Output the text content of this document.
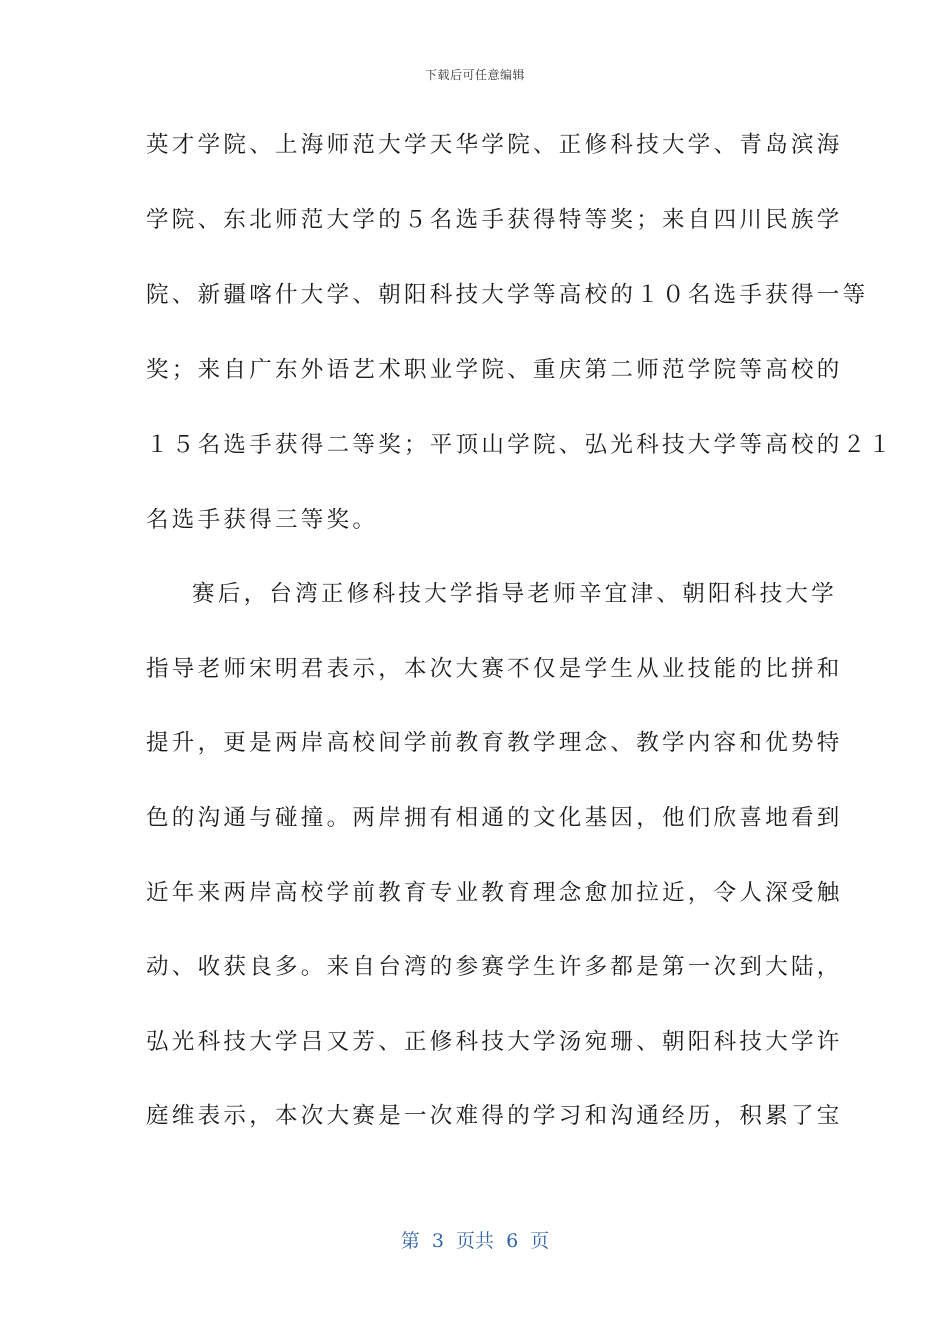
下载后可任意编辑
英才学院、上海师范大学天华学院、正修科技大学、青岛滨海
学院、东北师范大学的５名选手获得特等奖；来自四川民族学
院、新疆喀什大学、朝阳科技大学等高校的１０名选手获得一等
奖；来自广东外语艺术职业学院、重庆第二师范学院等高校的
１５名选手获得二等奖；平顶山学院、弘光科技大学等高校的２１
名选手获得三等奖。
赛后，台湾正修科技大学指导老师辛宜津、朝阳科技大学
指导老师宋明君表示，本次大赛不仅是学生从业技能的比拼和
提升，更是两岸高校间学前教育教学理念、教学内容和优势特
色的沟通与碰撞。两岸拥有相通的文化基因，他们欣喜地看到
近年来两岸高校学前教育专业教育理念愈加拉近，令人深受触
动、收获良多。来自台湾的参赛学生许多都是第一次到大陆，
弘光科技大学吕又芳、正修科技大学汤宛珊、朝阳科技大学许
庭维表示，本次大赛是一次难得的学习和沟通经历，积累了宝
第  3  页共  6  页
